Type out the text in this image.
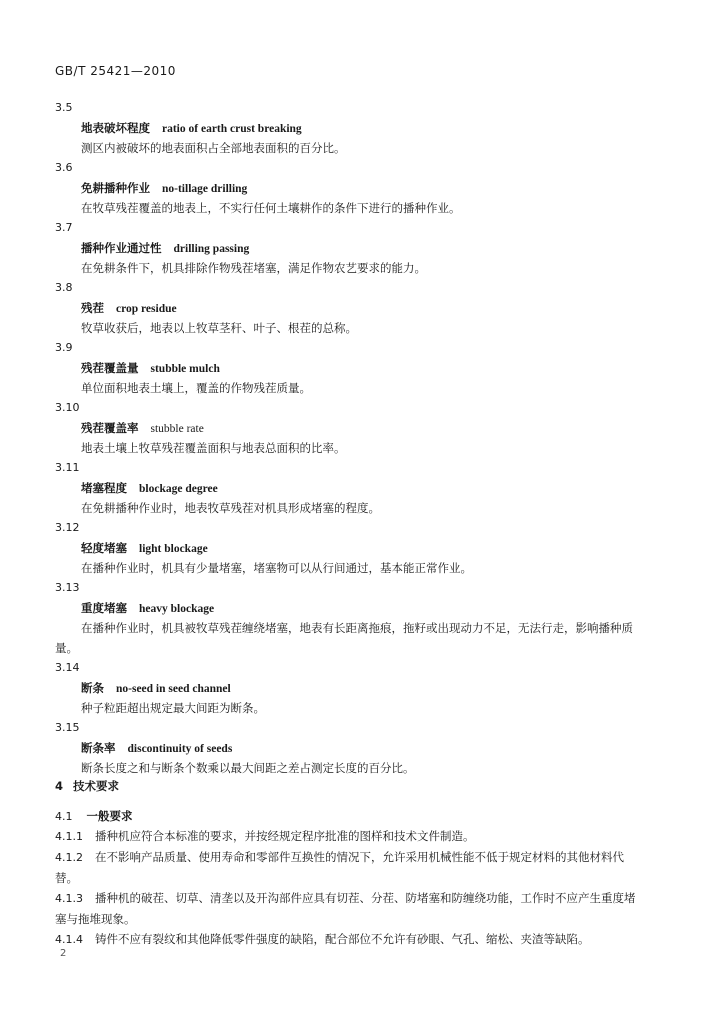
GB/T 25421—2010
3.5
地表破坏程度 ratio of earth crust breaking
测区内被破坏的地表面积占全部地表面积的百分比。
3.6
免耕播种作业 no-tillage drilling
在牧草残茬覆盖的地表上，不实行任何土壤耕作的条件下进行的播种作业。
3.7
播种作业通过性 drilling passing
在免耕条件下，机具排除作物残茬堵塞，满足作物农艺要求的能力。
3.8
残茬 crop residue
牧草收获后，地表以上牧草茎秆、叶子、根茬的总称。
3.9
残茬覆盖量 stubble mulch
单位面积地表土壤上，覆盖的作物残茬质量。
3.10
残茬覆盖率 stubble rate
地表土壤上牧草残茬覆盖面积与地表总面积的比率。
3.11
堵塞程度 blockage degree
在免耕播种作业时，地表牧草残茬对机具形成堵塞的程度。
3.12
轻度堵塞 light blockage
在播种作业时，机具有少量堵塞，堵塞物可以从行间通过，基本能正常作业。
3.13
重度堵塞 heavy blockage
在播种作业时，机具被牧草残茬缠绕堵塞，地表有长距离拖痕，拖籽或出现动力不足，无法行走，影响播种质量。
3.14
断条 no-seed in seed channel
种子粒距超出规定最大间距为断条。
3.15
断条率 discontinuity of seeds
断条长度之和与断条个数乘以最大间距之差占测定长度的百分比。
4 技术要求
4.1 一般要求
4.1.1 播种机应符合本标准的要求，并按经规定程序批准的图样和技术文件制造。
4.1.2 在不影响产品质量、使用寿命和零部件互换性的情况下，允许采用机械性能不低于规定材料的其他材料代替。
4.1.3 播种机的破茬、切草、清垄以及开沟部件应具有切茬、分茬、防堵塞和防缠绕功能，工作时不应产生重度堵塞与拖堆现象。
4.1.4 铸件不应有裂纹和其他降低零件强度的缺陷，配合部位不允许有砂眼、气孔、缩松、夹渣等缺陷。
2
